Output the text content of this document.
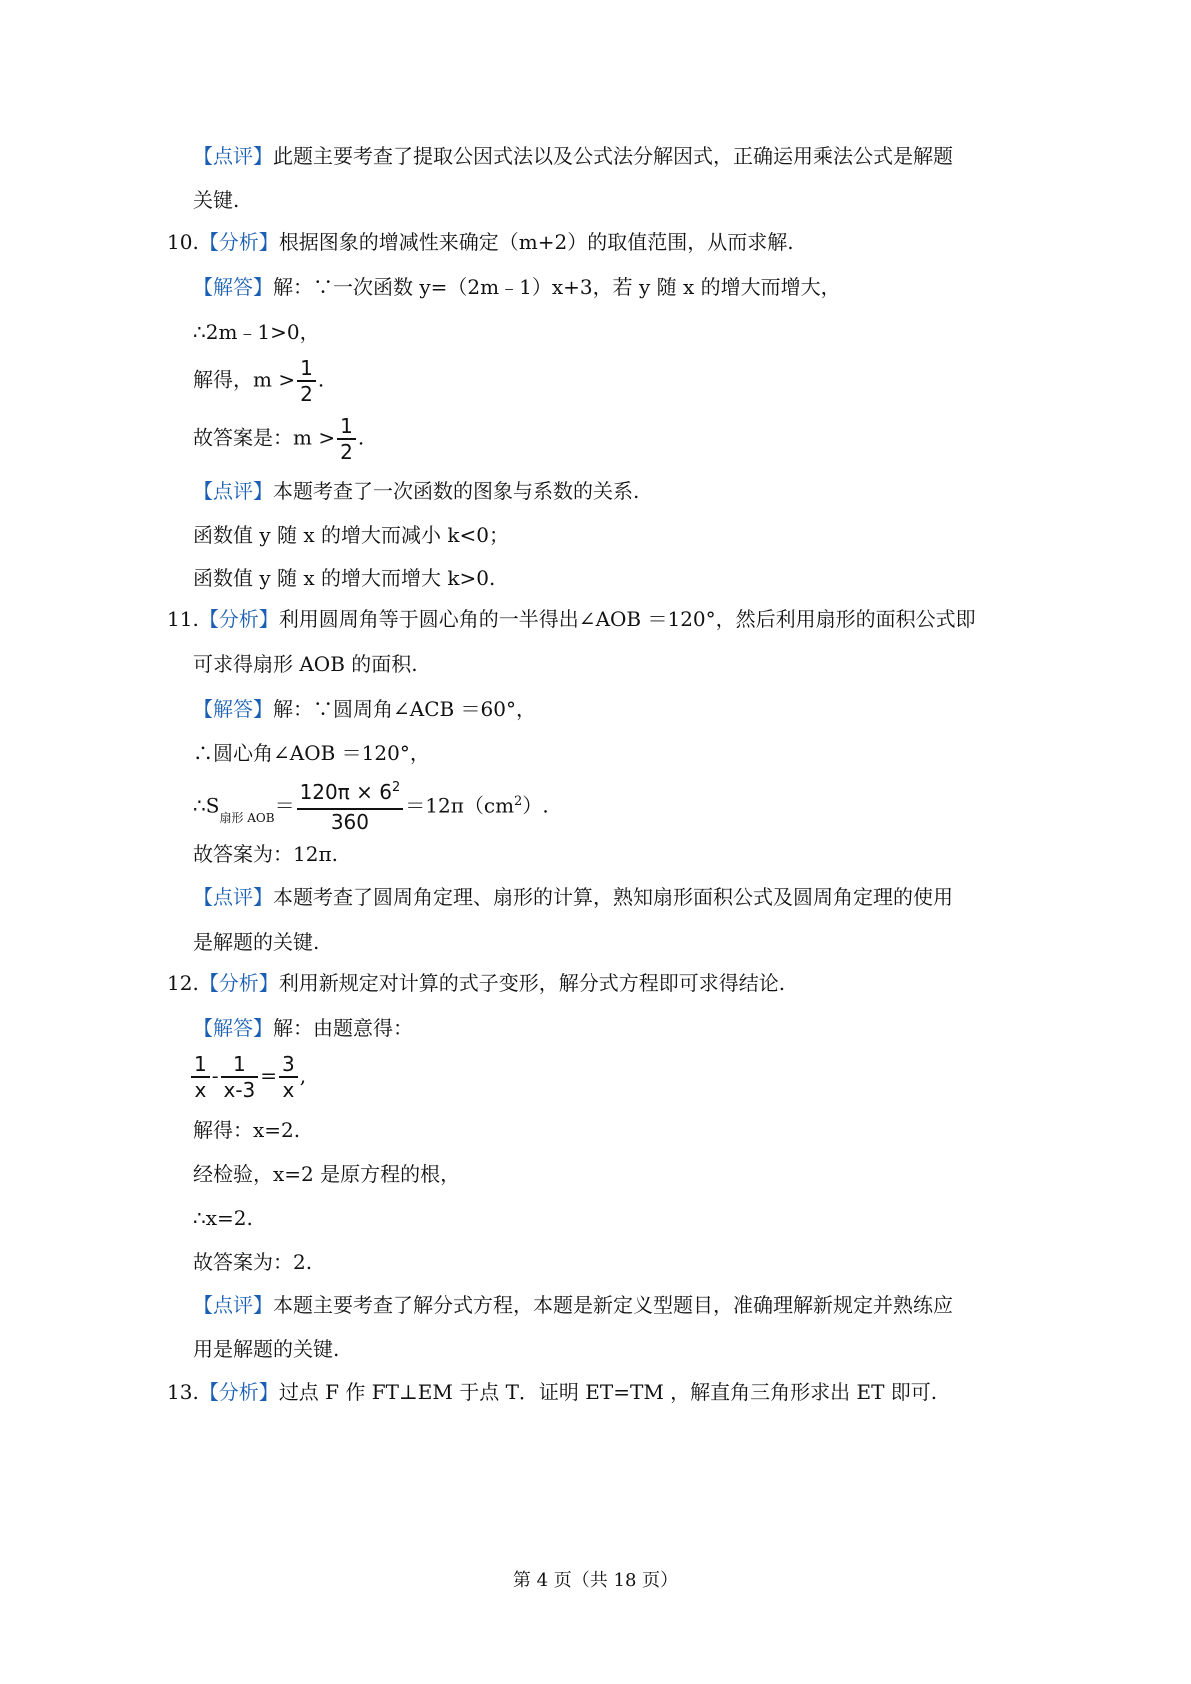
【点评】此题主要考查了提取公因式法以及公式法分解因式，正确运用乘法公式是解题
关键.
10.【分析】根据图象的增减性来确定（m+2）的取值范围，从而求解.
【解答】解：∵一次函数 y=（2m﹣1）x+3，若 y 随 x 的增大而增大，
∴2m﹣1>0，
解得，$m > \frac{1}{2}$ .
故答案是：$m > \frac{1}{2}$ .
【点评】本题考查了一次函数的图象与系数的关系.
函数值 y 随 x 的增大而减小 k<0；
函数值 y 随 x 的增大而增大 k>0.
11.【分析】利用圆周角等于圆心角的一半得出∠AOB ＝120°，然后利用扇形的面积公式即
可求得扇形 AOB 的面积.
【解答】解：∵圆周角∠ACB ＝60°，
∴圆心角∠AOB ＝120°，
$\therefore S_{扇形 AOB}= \frac{120\pi \times 6^2}{360} =12\pi(cm^2)$.
故答案为：12π.
【点评】本题考查了圆周角定理、扇形的计算，熟知扇形面积公式及圆周角定理的使用
是解题的关键.
12.【分析】利用新规定对计算的式子变形，解分式方程即可求得结论.
【解答】解：由题意得：
$\frac{1}{x} - \frac{1}{x-3} = \frac{3}{x}$ ,
解得：x=2.
经检验，x=2 是原方程的根，
∴x=2.
故答案为：2.
【点评】本题主要考查了解分式方程，本题是新定义型题目，准确理解新规定并熟练应
用是解题的关键.
13.【分析】过点 F 作 FT⊥EM 于点 T．证明 ET=TM ，解直角三角形求出 ET 即可.
第 4 页（共 18 页）
